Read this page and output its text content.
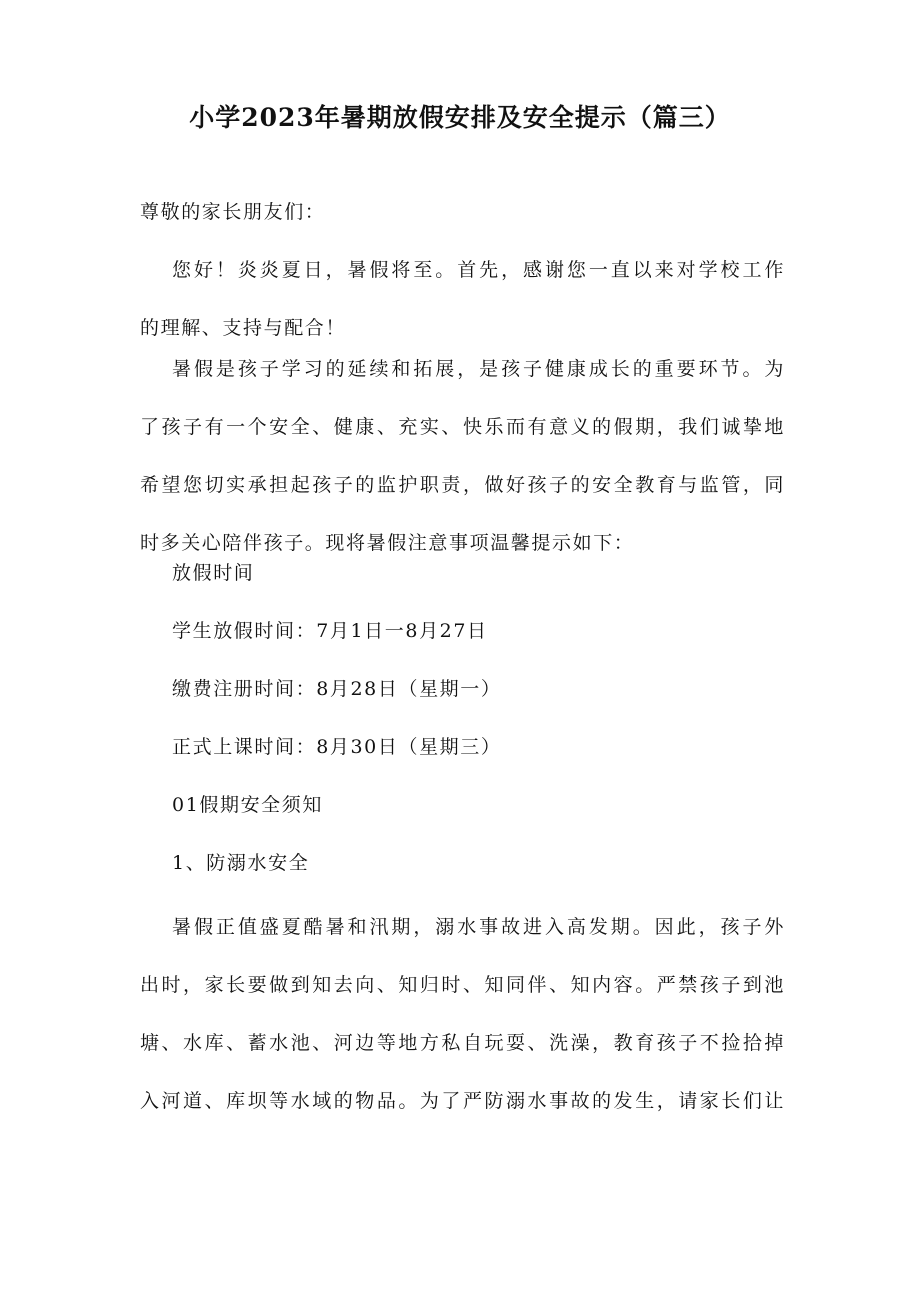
小学2023年暑期放假安排及安全提示（篇三）
尊敬的家长朋友们：
您好！炎炎夏日，暑假将至。首先，感谢您一直以来对学校工作
的理解、支持与配合！
暑假是孩子学习的延续和拓展，是孩子健康成长的重要环节。为
了孩子有一个安全、健康、充实、快乐而有意义的假期，我们诚挚地
希望您切实承担起孩子的监护职责，做好孩子的安全教育与监管，同
时多关心陪伴孩子。现将暑假注意事项温馨提示如下：
放假时间
学生放假时间：7月1日一8月27日
缴费注册时间：8月28日（星期一）
正式上课时间：8月30日（星期三）
01假期安全须知
1、防溺水安全
暑假正值盛夏酷暑和汛期，溺水事故进入高发期。因此，孩子外
出时，家长要做到知去向、知归时、知同伴、知内容。严禁孩子到池
塘、水库、蓄水池、河边等地方私自玩耍、洗澡，教育孩子不捡拾掉
入河道、库坝等水域的物品。为了严防溺水事故的发生，请家长们让
